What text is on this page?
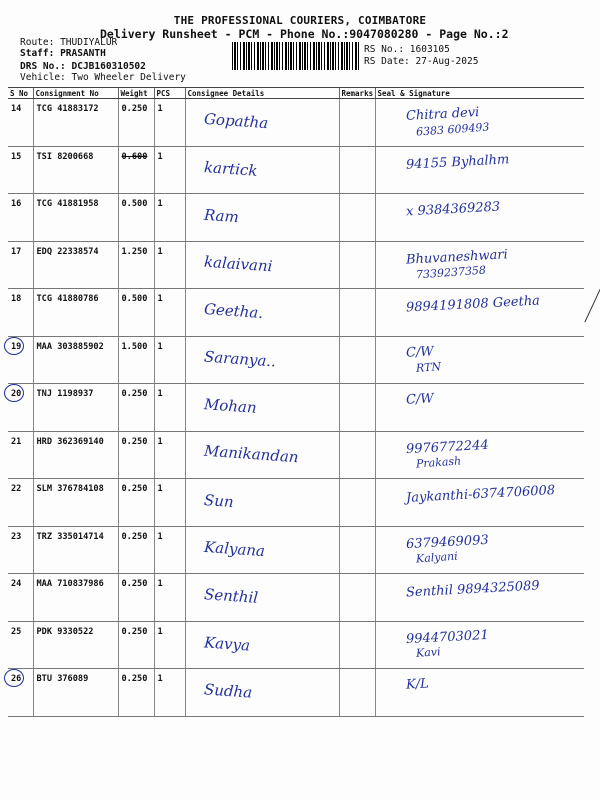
THE PROFESSIONAL COURIERS, COIMBATORE
Delivery Runsheet - PCM - Phone No.:9047080280 - Page No.:2
Route: THUDIYALUR
Staff: PRASANTH
DRS No.: DCJB160310502
Vehicle: Two Wheeler Delivery
RS No.: 1603105
RS Date: 27-Aug-2025
S No	Consignment No	Weight	PCS	Consignee Details	Remarks	Seal & Signature
14	TCG 41883172	0.250	1	Gopatha		Chitra devi
6383 609493

15	TSI 8200668	0.600	1	kartick		94155 Byhalhm

16	TCG 41881958	0.500	1	Ram		x 9384369283

17	EDQ 22338574	1.250	1	kalaivani		Bhuvaneshwari
7339237358

18	TCG 41880786	0.500	1	Geetha.		9894191808 Geetha

19	MAA 303885902	1.500	1	Saranya..		C/W
RTN

20	TNJ 1198937	0.250	1	Mohan		C/W

21	HRD 362369140	0.250	1	Manikandan		9976772244
Prakash

22	SLM 376784108	0.250	1	Sun		Jaykanthi-6374706008

23	TRZ 335014714	0.250	1	Kalyana		6379469093
Kalyani

24	MAA 710837986	0.250	1	Senthil		Senthil 9894325089

25	PDK 9330522	0.250	1	Kavya		9944703021
Kavi

26	BTU 376089	0.250	1	Sudha		K/L
